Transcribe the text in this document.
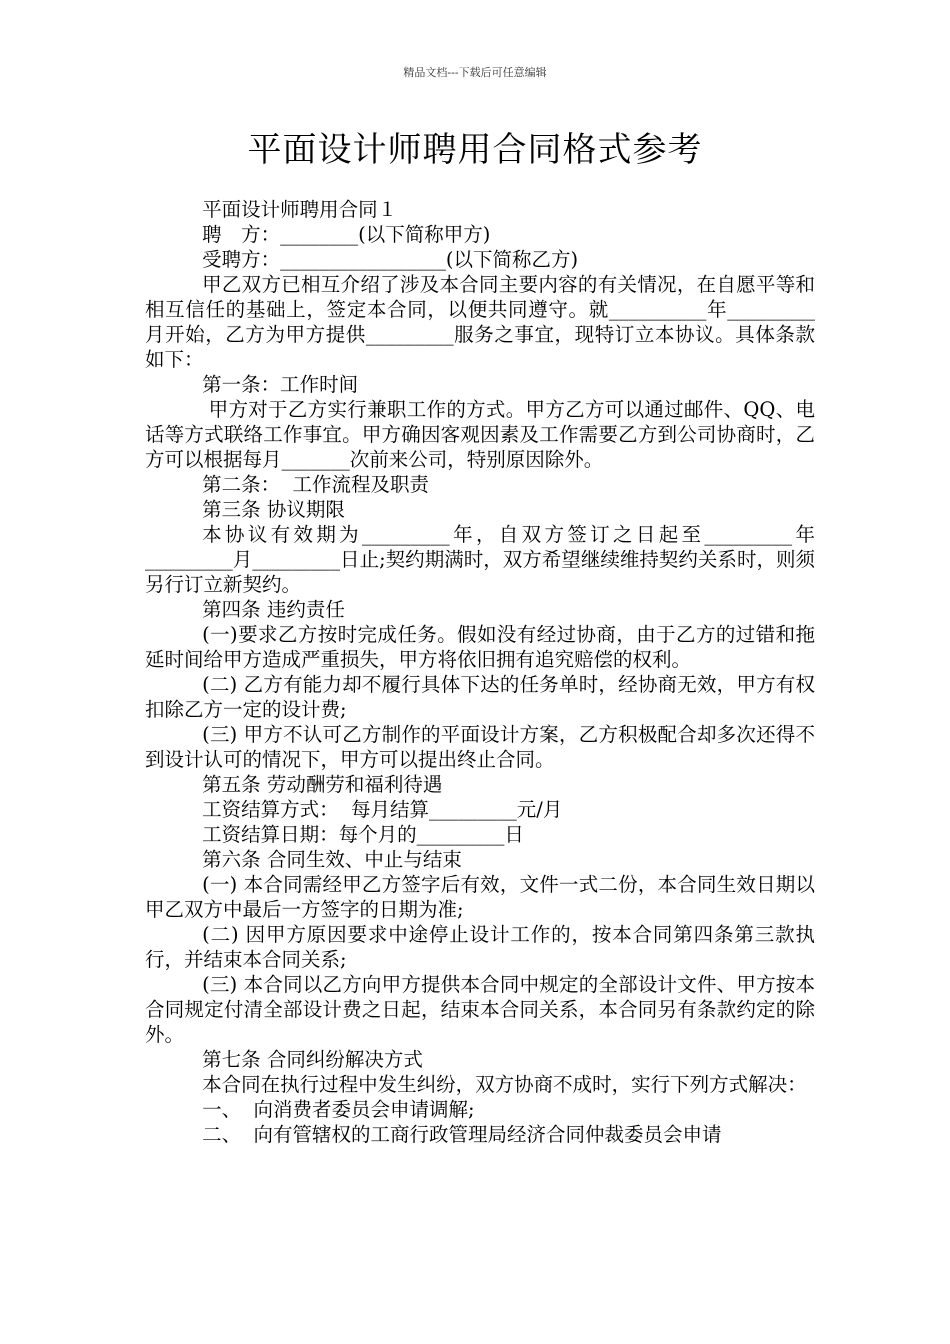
精品文档---下载后可任意编辑
平面设计师聘用合同格式参考

平面设计师聘用合同１

聘　方：________(以下简称甲方)

受聘方：_________________(以下简称乙方)

甲乙双方已相互介绍了涉及本合同主要内容的有关情况，在自愿平等和相互信任的基础上，签定本合同，以便共同遵守。就__________年_________月开始，乙方为甲方提供_________服务之事宜，现特订立本协议。具体条款如下：

第一条：工作时间

甲方对于乙方实行兼职工作的方式。甲方乙方可以通过邮件、QQ、电话等方式联络工作事宜。甲方确因客观因素及工作需要乙方到公司协商时，乙方可以根据每月_______次前来公司，特别原因除外。

第二条：  工作流程及职责

第三条 协议期限

本协议有效期为_________年，自双方签订之日起至_________年_________月_________日止;契约期满时，双方希望继续维持契约关系时，则须另行订立新契约。

第四条 违约责任

(一)要求乙方按时完成任务。假如没有经过协商，由于乙方的过错和拖延时间给甲方造成严重损失，甲方将依旧拥有追究赔偿的权利。

(二) 乙方有能力却不履行具体下达的任务单时，经协商无效，甲方有权扣除乙方一定的设计费;

(三) 甲方不认可乙方制作的平面设计方案，乙方积极配合却多次还得不到设计认可的情况下，甲方可以提出终止合同。

第五条 劳动酬劳和福利待遇

工资结算方式：  每月结算_________元/月

工资结算日期：每个月的_________日

第六条 合同生效、中止与结束

(一) 本合同需经甲乙方签字后有效，文件一式二份，本合同生效日期以甲乙双方中最后一方签字的日期为准;

(二) 因甲方原因要求中途停止设计工作的，按本合同第四条第三款执行，并结束本合同关系;

(三) 本合同以乙方向甲方提供本合同中规定的全部设计文件、甲方按本合同规定付清全部设计费之日起，结束本合同关系，本合同另有条款约定的除外。

第七条 合同纠纷解决方式

本合同在执行过程中发生纠纷，双方协商不成时，实行下列方式解决：

一、  向消费者委员会申请调解;

二、  向有管辖权的工商行政管理局经济合同仲裁委员会申请
